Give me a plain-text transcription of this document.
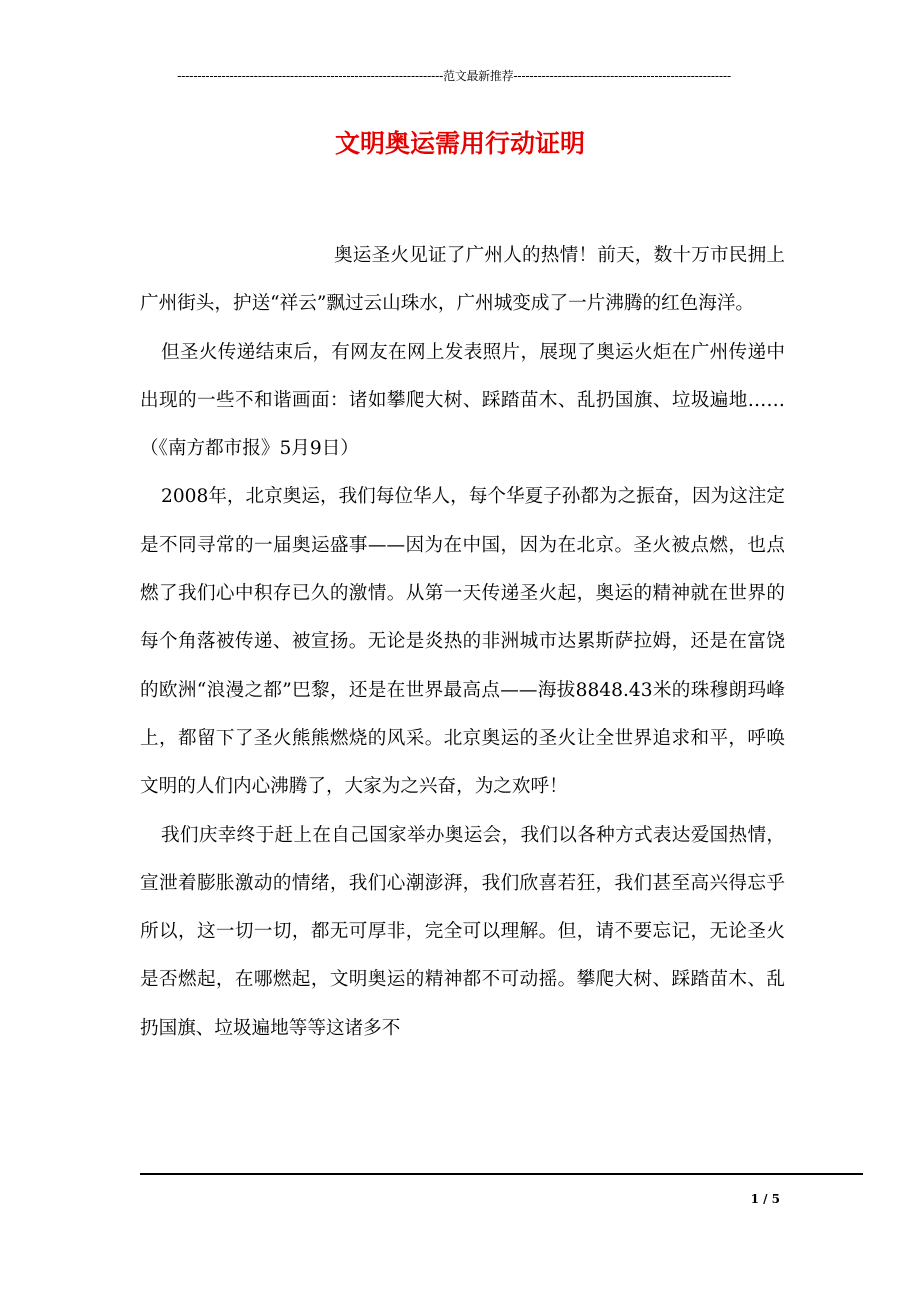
------------------------------------------------------------------范文最新推荐------------------------------------------------------
文明奥运需用行动证明

奥运圣火见证了广州人的热情！前天，数十万市民拥上广州街头，护送“祥云”飘过云山珠水，广州城变成了一片沸腾的红色海洋。

但圣火传递结束后，有网友在网上发表照片，展现了奥运火炬在广州传递中出现的一些不和谐画面：诸如攀爬大树、踩踏苗木、乱扔国旗、垃圾遍地……（《南方都市报》5月9日）

2008年，北京奥运，我们每位华人，每个华夏子孙都为之振奋，因为这注定是不同寻常的一届奥运盛事——因为在中国，因为在北京。圣火被点燃，也点燃了我们心中积存已久的激情。从第一天传递圣火起，奥运的精神就在世界的每个角落被传递、被宣扬。无论是炎热的非洲城市达累斯萨拉姆，还是在富饶的欧洲“浪漫之都”巴黎，还是在世界最高点——海拔8848.43米的珠穆朗玛峰上，都留下了圣火熊熊燃烧的风采。北京奥运的圣火让全世界追求和平，呼唤文明的人们内心沸腾了，大家为之兴奋，为之欢呼！

我们庆幸终于赶上在自己国家举办奥运会，我们以各种方式表达爱国热情，宣泄着膨胀激动的情绪，我们心潮澎湃，我们欣喜若狂，我们甚至高兴得忘乎所以，这一切一切，都无可厚非，完全可以理解。但，请不要忘记，无论圣火是否燃起，在哪燃起，文明奥运的精神都不可动摇。攀爬大树、踩踏苗木、乱扔国旗、垃圾遍地等等这诸多不

1 / 5
